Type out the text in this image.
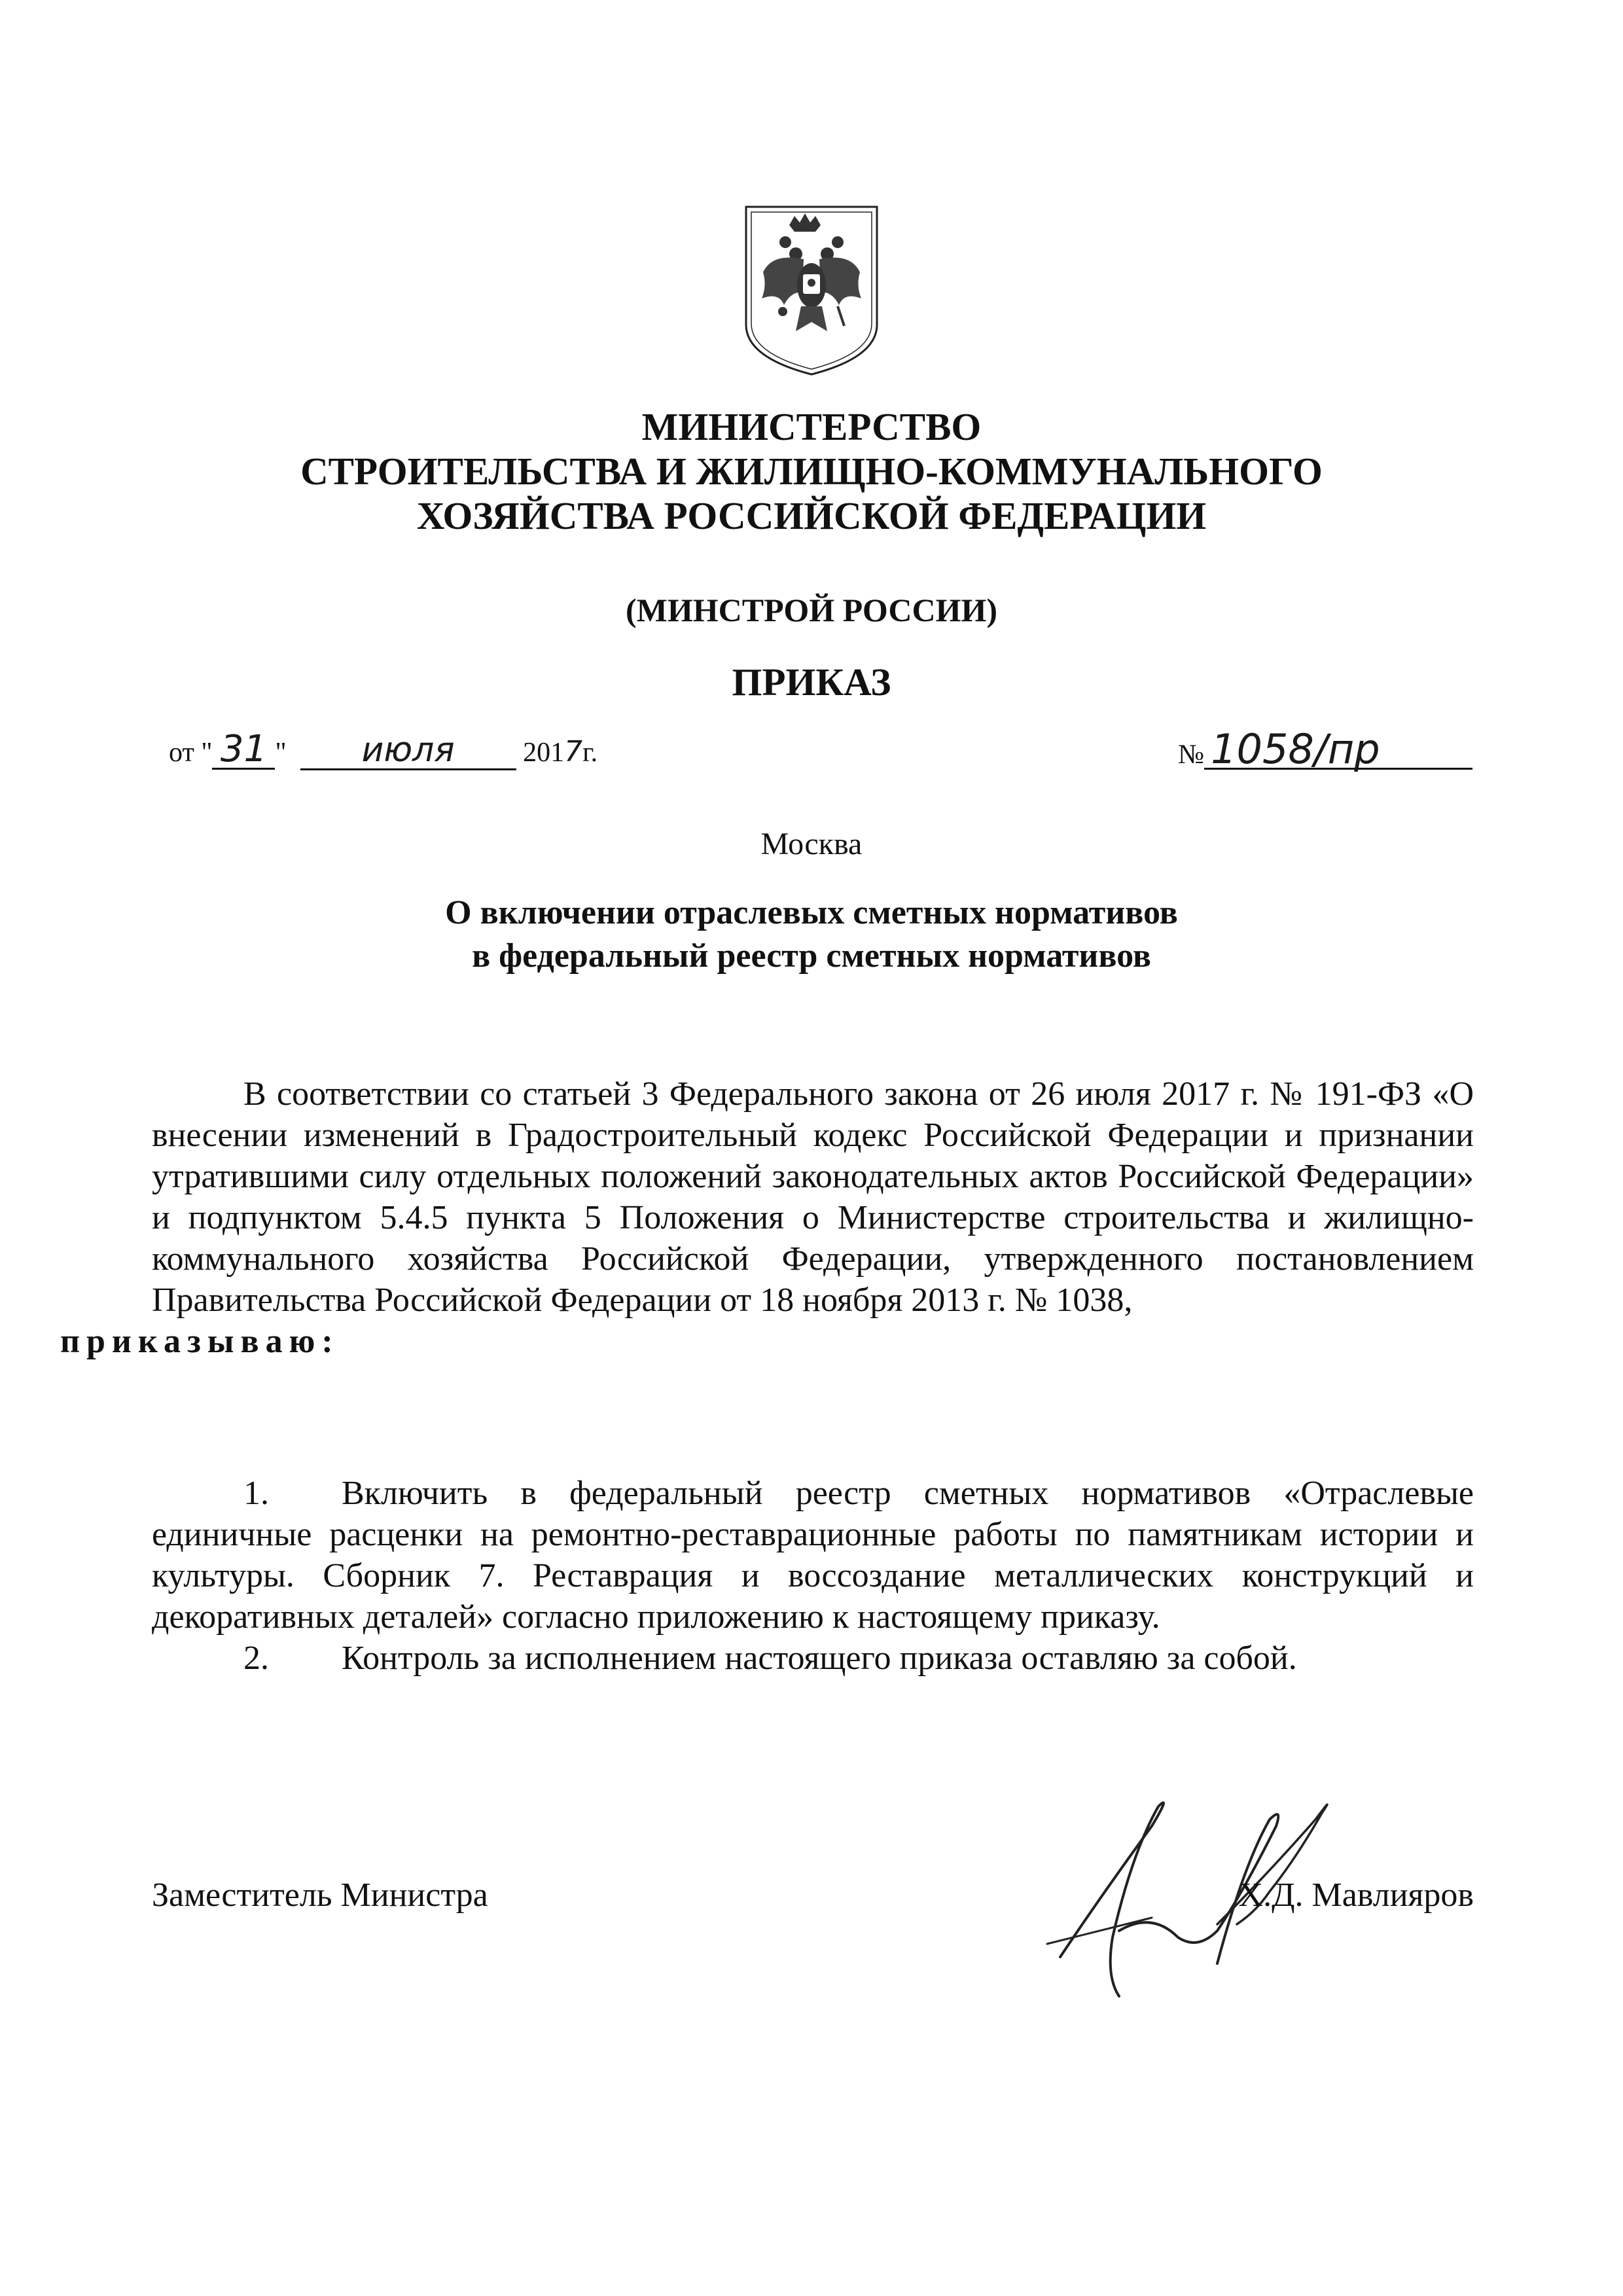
МИНИСТЕРСТВО
СТРОИТЕЛЬСТВА И ЖИЛИЩНО-КОММУНАЛЬНОГО
ХОЗЯЙСТВА РОССИЙСКОЙ ФЕДЕРАЦИИ
(МИНСТРОЙ РОССИИ)
ПРИКАЗ
от " 31 " июля 2017г.	№ 1058/пр
Москва
О включении отраслевых сметных нормативов
в федеральный реестр сметных нормативов
В соответствии со статьей 3 Федерального закона от 26 июля 2017 г. № 191-ФЗ «О внесении изменений в Градостроительный кодекс Российской Федерации и признании утратившими силу отдельных положений законодательных актов Российской Федерации» и подпунктом 5.4.5 пункта 5 Положения о Министерстве строительства и жилищно-коммунального хозяйства Российской Федерации, утвержденного постановлением Правительства Российской Федерации от 18 ноября 2013 г. № 1038,
приказываю:
1. Включить в федеральный реестр сметных нормативов «Отраслевые единичные расценки на ремонтно-реставрационные работы по памятникам истории и культуры. Сборник 7. Реставрация и воссоздание металлических конструкций и декоративных деталей» согласно приложению к настоящему приказу.
2. Контроль за исполнением настоящего приказа оставляю за собой.
Заместитель Министра	Х.Д. Мавлияров
